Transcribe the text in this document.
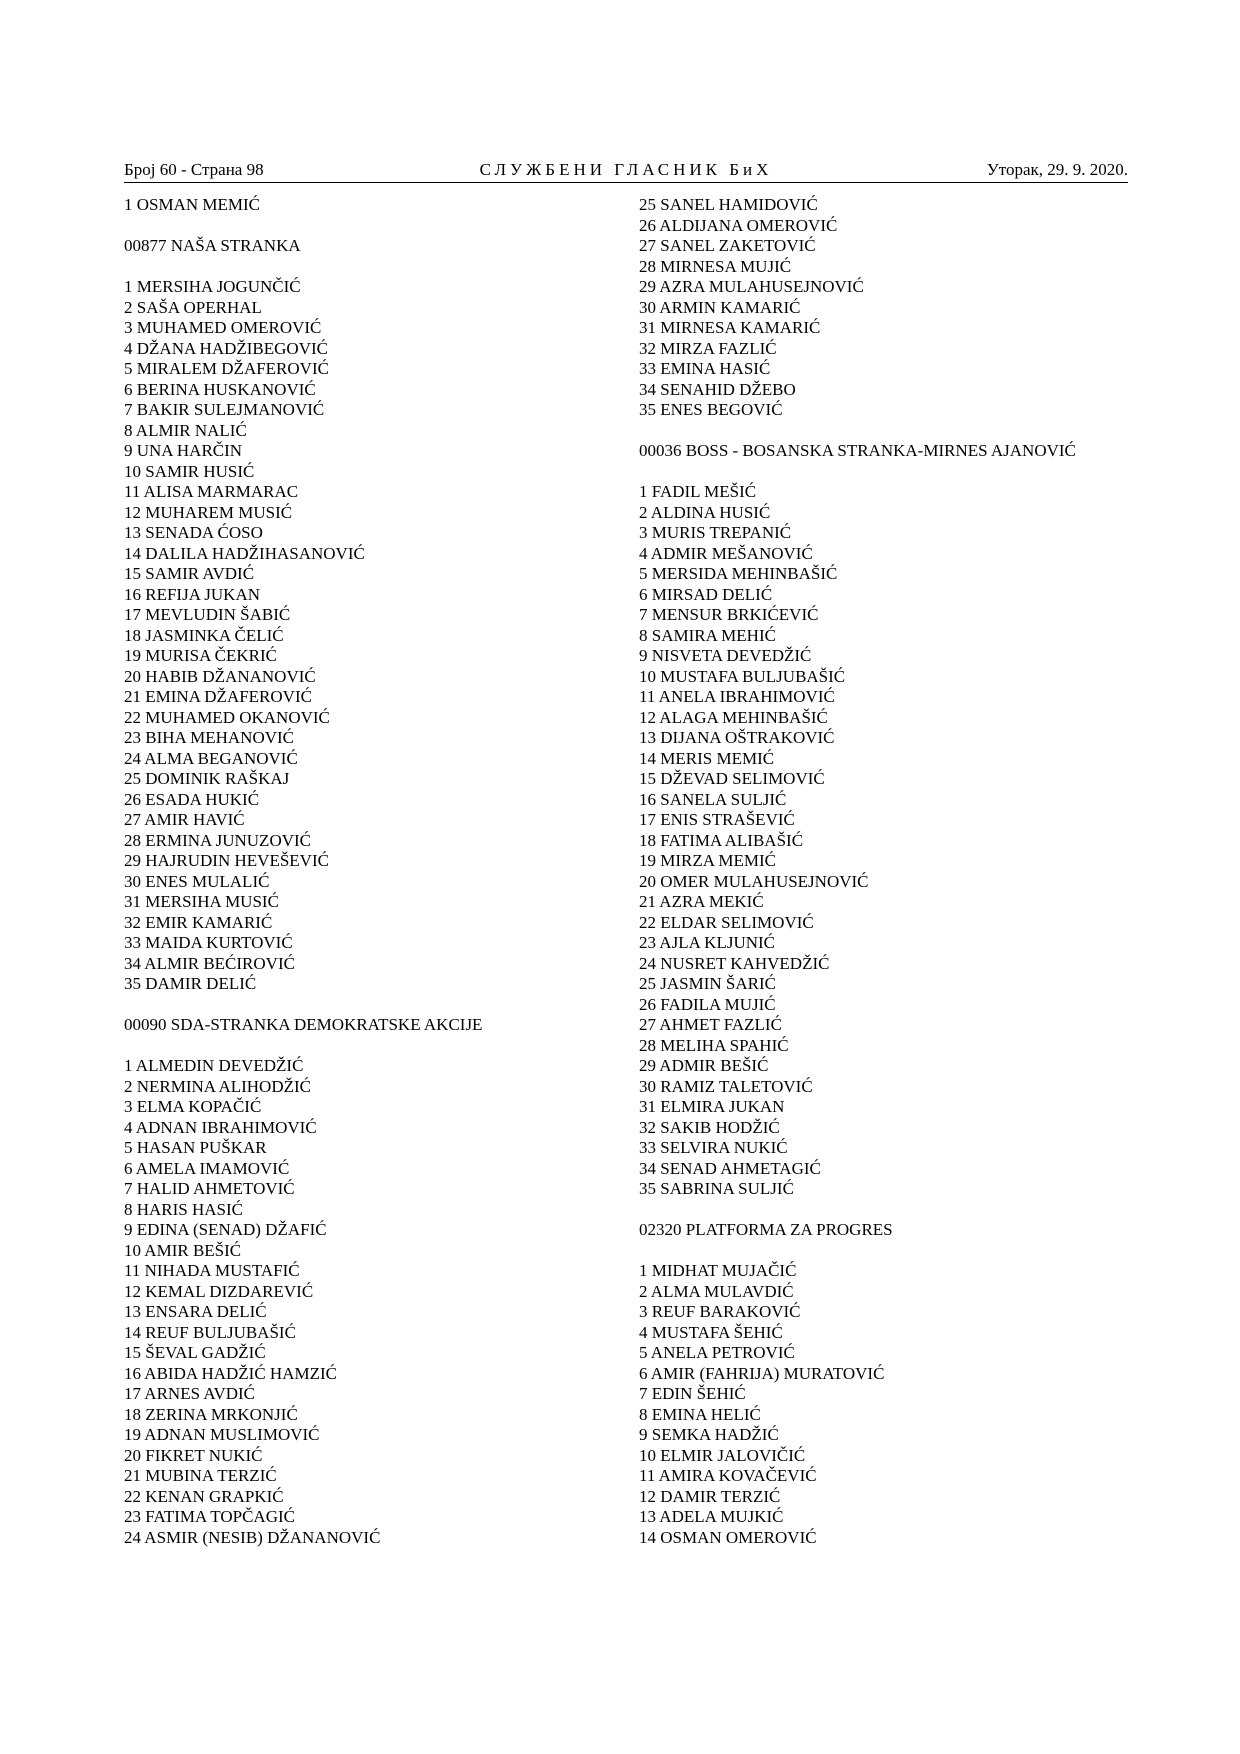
Број 60 - Страна 98	СЛУЖБЕНИ ГЛАСНИК БиХ	Уторак, 29. 9. 2020.
1 OSMAN MEMIĆ
00877 NAŠA STRANKA
1 MERSIHA JOGUNČIĆ
2 SAŠA OPERHAL
3 MUHAMED OMEROVIĆ
4 DŽANA HADŽIBEGOVIĆ
5 MIRALEM DŽAFEROVIĆ
6 BERINA HUSKANOVIĆ
7 BAKIR SULEJMANOVIĆ
8 ALMIR NALIĆ
9 UNA HARČIN
10 SAMIR HUSIĆ
11 ALISA MARMARAC
12 MUHAREM MUSIĆ
13 SENADA ĆOSO
14 DALILA HADŽIHASANOVIĆ
15 SAMIR AVDIĆ
16 REFIJA JUKAN
17 MEVLUDIN ŠABIĆ
18 JASMINKA ČELIĆ
19 MURISA ČEKRIĆ
20 HABIB DŽANANOVIĆ
21 EMINA DŽAFEROVIĆ
22 MUHAMED OKANOVIĆ
23 BIHA MEHANOVIĆ
24 ALMA BEGANOVIĆ
25 DOMINIK RAŠKAJ
26 ESADA HUKIĆ
27 AMIR HAVIĆ
28 ERMINA JUNUZOVIĆ
29 HAJRUDIN HEVEŠEVIĆ
30 ENES MULALIĆ
31 MERSIHA MUSIĆ
32 EMIR KAMARIĆ
33 MAIDA KURTOVIĆ
34 ALMIR BEĆIROVIĆ
35 DAMIR DELIĆ
00090 SDA-STRANKA DEMOKRATSKE AKCIJE
1 ALMEDIN DEVEDŽIĆ
2 NERMINA ALIHODŽIĆ
3 ELMA KOPAČIĆ
4 ADNAN IBRAHIMOVIĆ
5 HASAN PUŠKAR
6 AMELA IMAMOVIĆ
7 HALID AHMETOVIĆ
8 HARIS HASIĆ
9 EDINA (SENAD) DŽAFIĆ
10 AMIR BEŠIĆ
11 NIHADA MUSTAFIĆ
12 KEMAL DIZDAREVIĆ
13 ENSARA DELIĆ
14 REUF BULJUBAŠIĆ
15 ŠEVAL GADŽIĆ
16 ABIDA HADŽIĆ HAMZIĆ
17 ARNES AVDIĆ
18 ZERINA MRKONJIĆ
19 ADNAN MUSLIMOVIĆ
20 FIKRET NUKIĆ
21 MUBINA TERZIĆ
22 KENAN GRAPKIĆ
23 FATIMA TOPČAGIĆ
24 ASMIR (NESIB) DŽANANOVIĆ
25 SANEL HAMIDOVIĆ
26 ALDIJANA OMEROVIĆ
27 SANEL ZAKETOVIĆ
28 MIRNESA MUJIĆ
29 AZRA MULAHUSEJNOVIĆ
30 ARMIN KAMARIĆ
31 MIRNESA KAMARIĆ
32 MIRZA FAZLIĆ
33 EMINA HASIĆ
34 SENAHID DŽEBO
35 ENES BEGOVIĆ
00036 BOSS - BOSANSKA STRANKA-MIRNES AJANOVIĆ
1 FADIL MEŠIĆ
2 ALDINA HUSIĆ
3 MURIS TREPANIĆ
4 ADMIR MEŠANOVIĆ
5 MERSIDA MEHINBAŠIĆ
6 MIRSAD DELIĆ
7 MENSUR BRKIĆEVIĆ
8 SAMIRA MEHIĆ
9 NISVETA DEVEDŽIĆ
10 MUSTAFA BULJUBAŠIĆ
11 ANELA IBRAHIMOVIĆ
12 ALAGA MEHINBAŠIĆ
13 DIJANA OŠTRAKOVIĆ
14 MERIS MEMIĆ
15 DŽEVAD SELIMOVIĆ
16 SANELA SULJIĆ
17 ENIS STRAŠEVIĆ
18 FATIMA ALIBAŠIĆ
19 MIRZA MEMIĆ
20 OMER MULAHUSEJNOVIĆ
21 AZRA MEKIĆ
22 ELDAR SELIMOVIĆ
23 AJLA KLJUNIĆ
24 NUSRET KAHVEDŽIĆ
25 JASMIN ŠARIĆ
26 FADILA MUJIĆ
27 AHMET FAZLIĆ
28 MELIHA SPAHIĆ
29 ADMIR BEŠIĆ
30 RAMIZ TALETOVIĆ
31 ELMIRA JUKAN
32 SAKIB HODŽIĆ
33 SELVIRA NUKIĆ
34 SENAD AHMETAGIĆ
35 SABRINA SULJIĆ
02320 PLATFORMA ZA PROGRES
1 MIDHAT MUJAČIĆ
2 ALMA MULAVDIĆ
3 REUF BARAKOVIĆ
4 MUSTAFA ŠEHIĆ
5 ANELA PETROVIĆ
6 AMIR (FAHRIJA) MURATOVIĆ
7 EDIN ŠEHIĆ
8 EMINA HELIĆ
9 SEMKA HADŽIĆ
10 ELMIR JALOVIČIĆ
11 AMIRA KOVAČEVIĆ
12 DAMIR TERZIĆ
13 ADELA MUJKIĆ
14 OSMAN OMEROVIĆ
